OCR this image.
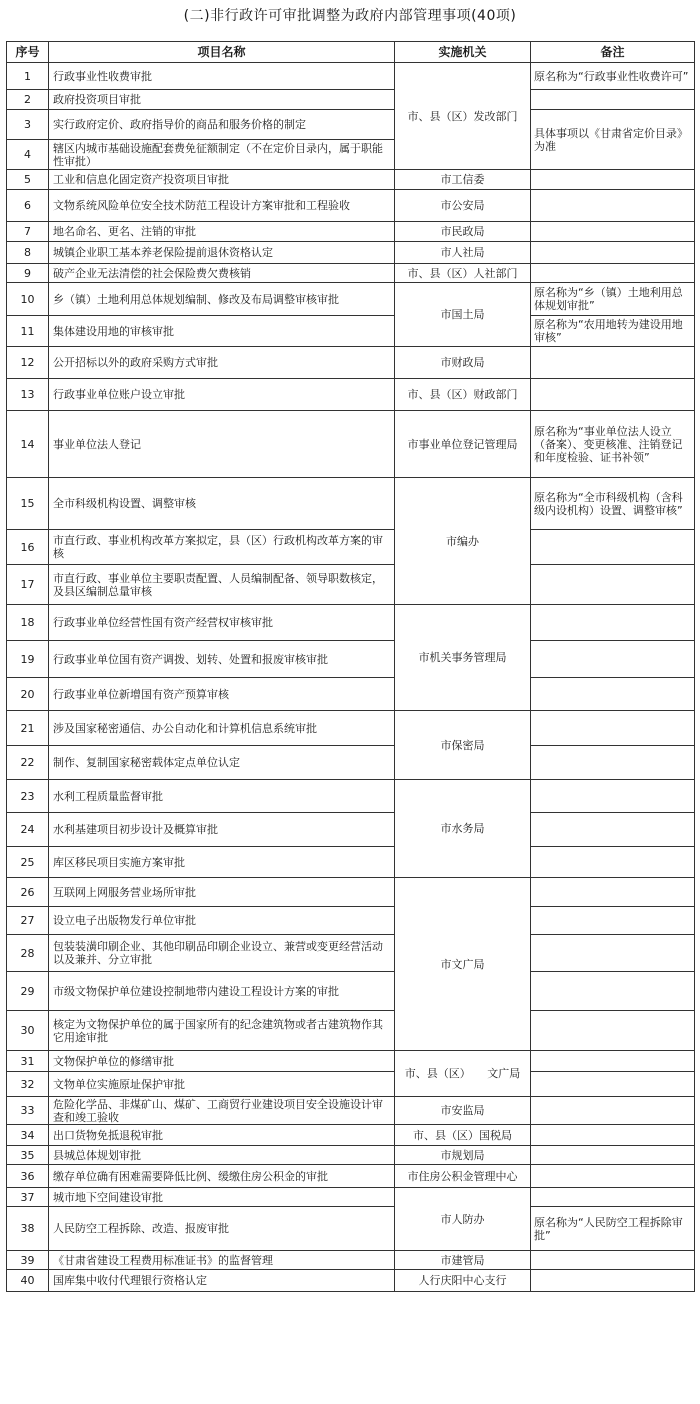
(二)非行政许可审批调整为政府内部管理事项(40项)
序号	项目名称	实施机关	备注
1	行政事业性收费审批	市、县（区）发改部门	原名称为“行政事业性收费许可”
2	政府投资项目审批		
3	实行政府定价、政府指导价的商品和服务价格的制定		具体事项以《甘肃省定价目录》为准
4	辖区内城市基础设施配套费免征额制定（不在定价目录内，属于职能性审批）		
5	工业和信息化固定资产投资项目审批	市工信委	
6	文物系统风险单位安全技术防范工程设计方案审批和工程验收	市公安局	
7	地名命名、更名、注销的审批	市民政局	
8	城镇企业职工基本养老保险提前退休资格认定	市人社局	
9	破产企业无法清偿的社会保险费欠费核销	市、县（区）人社部门	
10	乡（镇）土地利用总体规划编制、修改及布局调整审核审批	市国土局	原名称为“乡（镇）土地利用总体规划审批”
11	集体建设用地的审核审批		原名称为“农用地转为建设用地审核”
12	公开招标以外的政府采购方式审批	市财政局	
13	行政事业单位账户设立审批	市、县（区）财政部门	
14	事业单位法人登记	市事业单位登记管理局	原名称为“事业单位法人设立（备案）、变更核准、注销登记和年度检验、证书补领”
15	全市科级机构设置、调整审核	市编办	原名称为“全市科级机构（含科级内设机构）设置、调整审核”
16	市直行政、事业机构改革方案拟定，县（区）行政机构改革方案的审核		
17	市直行政、事业单位主要职责配置、人员编制配备、领导职数核定，及县区编制总量审核		
18	行政事业单位经营性国有资产经营权审核审批	市机关事务管理局	
19	行政事业单位国有资产调拨、划转、处置和报废审核审批		
20	行政事业单位新增国有资产预算审核		
21	涉及国家秘密通信、办公自动化和计算机信息系统审批	市保密局	
22	制作、复制国家秘密载体定点单位认定		
23	水利工程质量监督审批	市水务局	
24	水利基建项目初步设计及概算审批		
25	库区移民项目实施方案审批		
26	互联网上网服务营业场所审批	市文广局	
27	设立电子出版物发行单位审批		
28	包装装潢印刷企业、其他印刷品印刷企业设立、兼营或变更经营活动以及兼并、分立审批		
29	市级文物保护单位建设控制地带内建设工程设计方案的审批		
30	核定为文物保护单位的属于国家所有的纪念建筑物或者古建筑物作其它用途审批		
31	文物保护单位的修缮审批	市、县（区）　　文广局	
32	文物单位实施原址保护审批		
33	危险化学品、非煤矿山、煤矿、工商贸行业建设项目安全设施设计审查和竣工验收	市安监局	
34	出口货物免抵退税审批	市、县（区）国税局	
35	县城总体规划审批	市规划局	
36	缴存单位确有困难需要降低比例、缓缴住房公积金的审批	市住房公积金管理中心	
37	城市地下空间建设审批	市人防办	
38	人民防空工程拆除、改造、报废审批		原名称为“人民防空工程拆除审批”
39	《甘肃省建设工程费用标准证书》的监督管理	市建管局	
40	国库集中收付代理银行资格认定	人行庆阳中心支行	
